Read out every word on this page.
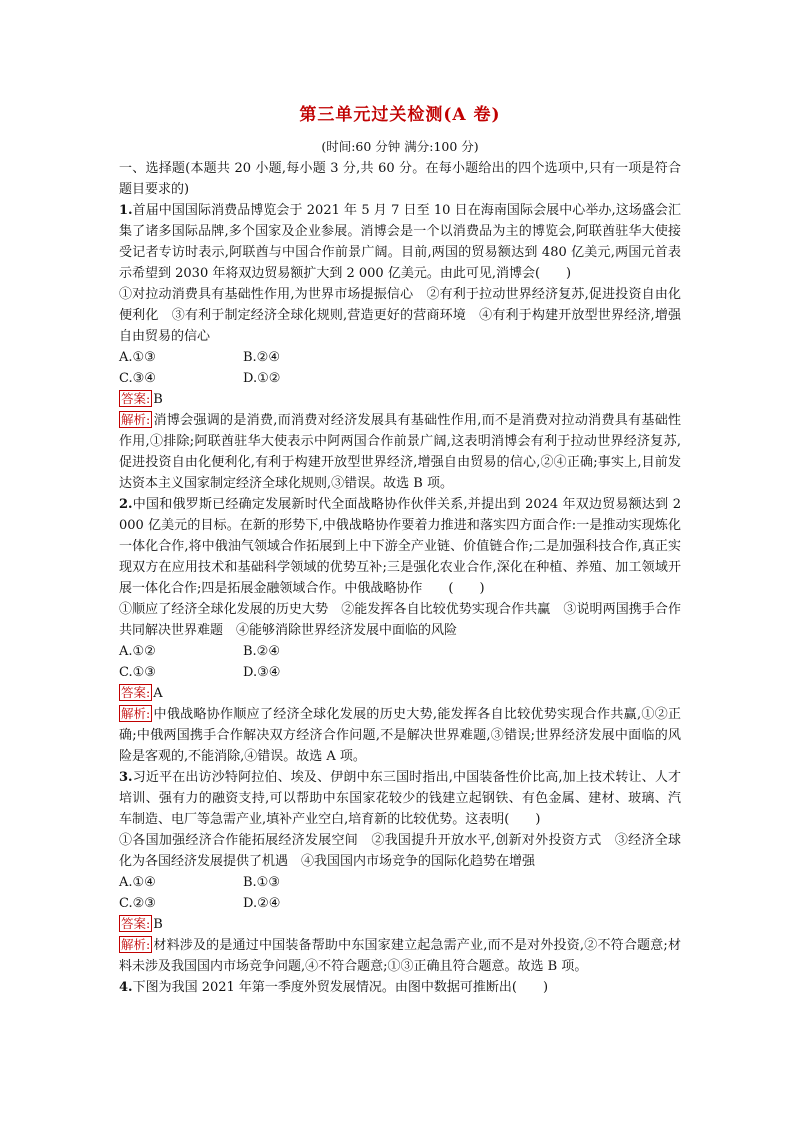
第三单元过关检测(A 卷)
(时间:60 分钟 满分:100 分)

一、选择题(本题共 20 小题,每小题 3 分,共 60 分。在每小题给出的四个选项中,只有一项是符合题目要求的)

1.首届中国国际消费品博览会于 2021 年 5 月 7 日至 10 日在海南国际会展中心举办,这场盛会汇集了诸多国际品牌,多个国家及企业参展。消博会是一个以消费品为主的博览会,阿联酋驻华大使接受记者专访时表示,阿联酋与中国合作前景广阔。目前,两国的贸易额达到 480 亿美元,两国元首表示希望到 2030 年将双边贸易额扩大到 2 000 亿美元。由此可见,消博会(　　)

①对拉动消费具有基础性作用,为世界市场提振信心　②有利于拉动世界经济复苏,促进投资自由化便利化　③有利于制定经济全球化规则,营造更好的营商环境　④有利于构建开放型世界经济,增强自由贸易的信心

A.①③	B.②④
C.③④	D.①②
答案: B

解析: 消博会强调的是消费,而消费对经济发展具有基础性作用,而不是消费对拉动消费具有基础性作用,①排除;阿联酋驻华大使表示中阿两国合作前景广阔,这表明消博会有利于拉动世界经济复苏,促进投资自由化便利化,有利于构建开放型世界经济,增强自由贸易的信心,②④正确;事实上,目前发达资本主义国家制定经济全球化规则,③错误。故选 B 项。

2.中国和俄罗斯已经确定发展新时代全面战略协作伙伴关系,并提出到 2024 年双边贸易额达到 2 000 亿美元的目标。在新的形势下,中俄战略协作要着力推进和落实四方面合作:一是推动实现炼化一体化合作,将中俄油气领域合作拓展到上中下游全产业链、价值链合作;二是加强科技合作,真正实现双方在应用技术和基础科学领域的优势互补;三是强化农业合作,深化在种植、养殖、加工领域开展一体化合作;四是拓展金融领域合作。中俄战略协作　　(　　)

①顺应了经济全球化发展的历史大势　②能发挥各自比较优势实现合作共赢　③说明两国携手合作共同解决世界难题　④能够消除世界经济发展中面临的风险

A.①②	B.②④
C.①③	D.③④
答案: A

解析: 中俄战略协作顺应了经济全球化发展的历史大势,能发挥各自比较优势实现合作共赢,①②正确;中俄两国携手合作解决双方经济合作问题,不是解决世界难题,③错误;世界经济发展中面临的风险是客观的,不能消除,④错误。故选 A 项。

3.习近平在出访沙特阿拉伯、埃及、伊朗中东三国时指出,中国装备性价比高,加上技术转让、人才培训、强有力的融资支持,可以帮助中东国家花较少的钱建立起钢铁、有色金属、建材、玻璃、汽车制造、电厂等急需产业,填补产业空白,培育新的比较优势。这表明(　　)

①各国加强经济合作能拓展经济发展空间　②我国提升开放水平,创新对外投资方式　③经济全球化为各国经济发展提供了机遇　④我国国内市场竞争的国际化趋势在增强

A.①④	B.①③
C.②③	D.②④
答案: B

解析: 材料涉及的是通过中国装备帮助中东国家建立起急需产业,而不是对外投资,②不符合题意;材料未涉及我国国内市场竞争问题,④不符合题意;①③正确且符合题意。故选 B 项。

4.下图为我国 2021 年第一季度外贸发展情况。由图中数据可推断出(　　)
